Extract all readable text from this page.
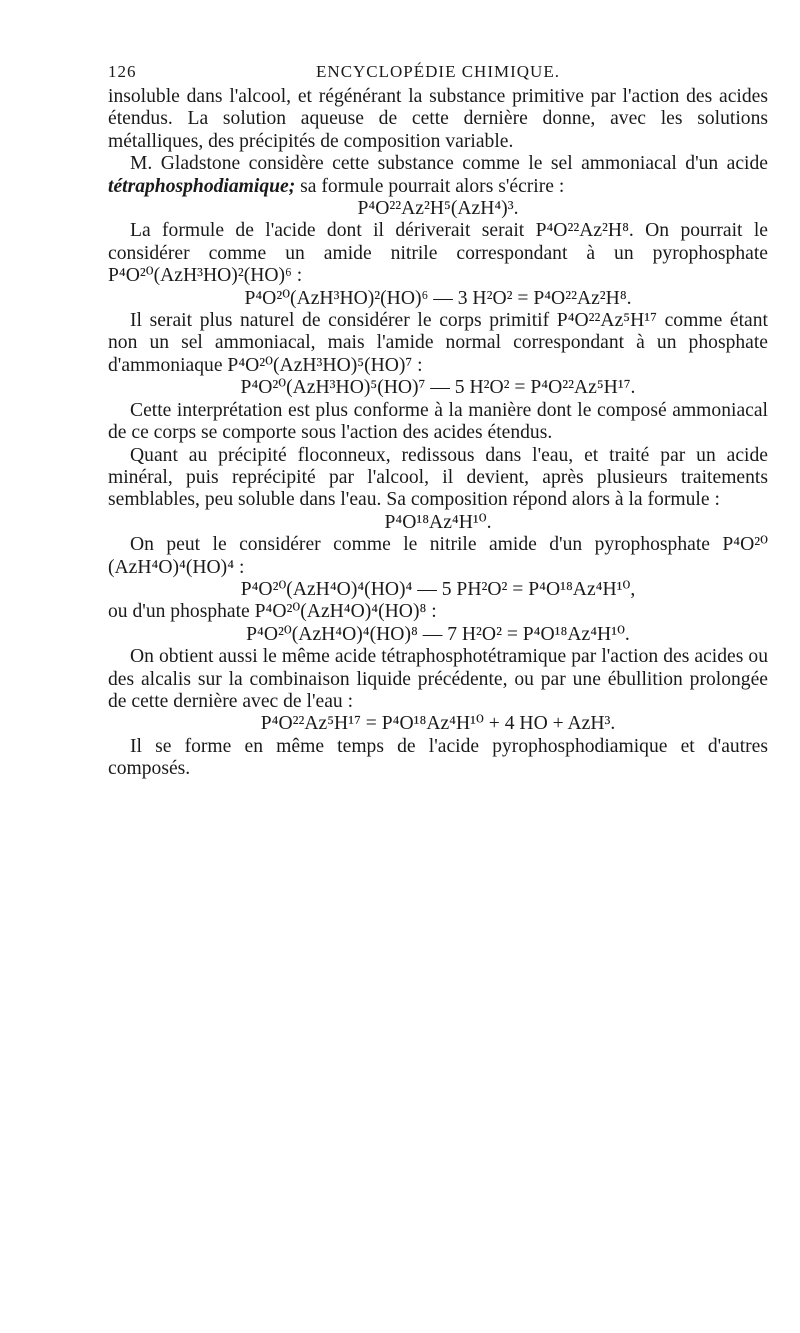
126	ENCYCLOPÉDIE CHIMIQUE.

insoluble dans l'alcool, et régénérant la substance primitive par l'action des acides étendus. La solution aqueuse de cette dernière donne, avec les solutions métalliques, des précipités de composition variable.

M. Gladstone considère cette substance comme le sel ammoniacal d'un acide tétraphosphodiamique; sa formule pourrait alors s'écrire :

P⁴O²²Az²H⁵(AzH⁴)³.

La formule de l'acide dont il dériverait serait P⁴O²²Az²H⁸. On pourrait le considérer comme un amide nitrile correspondant à un pyrophosphate P⁴O²⁰(AzH³HO)²(HO)⁶ :

P⁴O²⁰(AzH³HO)²(HO)⁶ — 3 H²O² = P⁴O²²Az²H⁸.

Il serait plus naturel de considérer le corps primitif P⁴O²²Az⁵H¹⁷ comme étant non un sel ammoniacal, mais l'amide normal correspondant à un phosphate d'ammoniaque P⁴O²⁰(AzH³HO)⁵(HO)⁷ :

P⁴O²⁰(AzH³HO)⁵(HO)⁷ — 5 H²O² = P⁴O²²Az⁵H¹⁷.

Cette interprétation est plus conforme à la manière dont le composé ammoniacal de ce corps se comporte sous l'action des acides étendus.

Quant au précipité floconneux, redissous dans l'eau, et traité par un acide minéral, puis reprécipité par l'alcool, il devient, après plusieurs traitements semblables, peu soluble dans l'eau. Sa composition répond alors à la formule :

P⁴O¹⁸Az⁴H¹⁰.

On peut le considérer comme le nitrile amide d'un pyrophosphate P⁴O²⁰ (AzH⁴O)⁴(HO)⁴ :

P⁴O²⁰(AzH⁴O)⁴(HO)⁴ — 5 PH²O² = P⁴O¹⁸Az⁴H¹⁰,

ou d'un phosphate P⁴O²⁰(AzH⁴O)⁴(HO)⁸ :

P⁴O²⁰(AzH⁴O)⁴(HO)⁸ — 7 H²O² = P⁴O¹⁸Az⁴H¹⁰.

On obtient aussi le même acide tétraphosphotétramique par l'action des acides ou des alcalis sur la combinaison liquide précédente, ou par une ébullition prolongée de cette dernière avec de l'eau :

P⁴O²²Az⁵H¹⁷ = P⁴O¹⁸Az⁴H¹⁰ + 4 HO + AzH³.

Il se forme en même temps de l'acide pyrophosphodiamique et d'autres composés.
